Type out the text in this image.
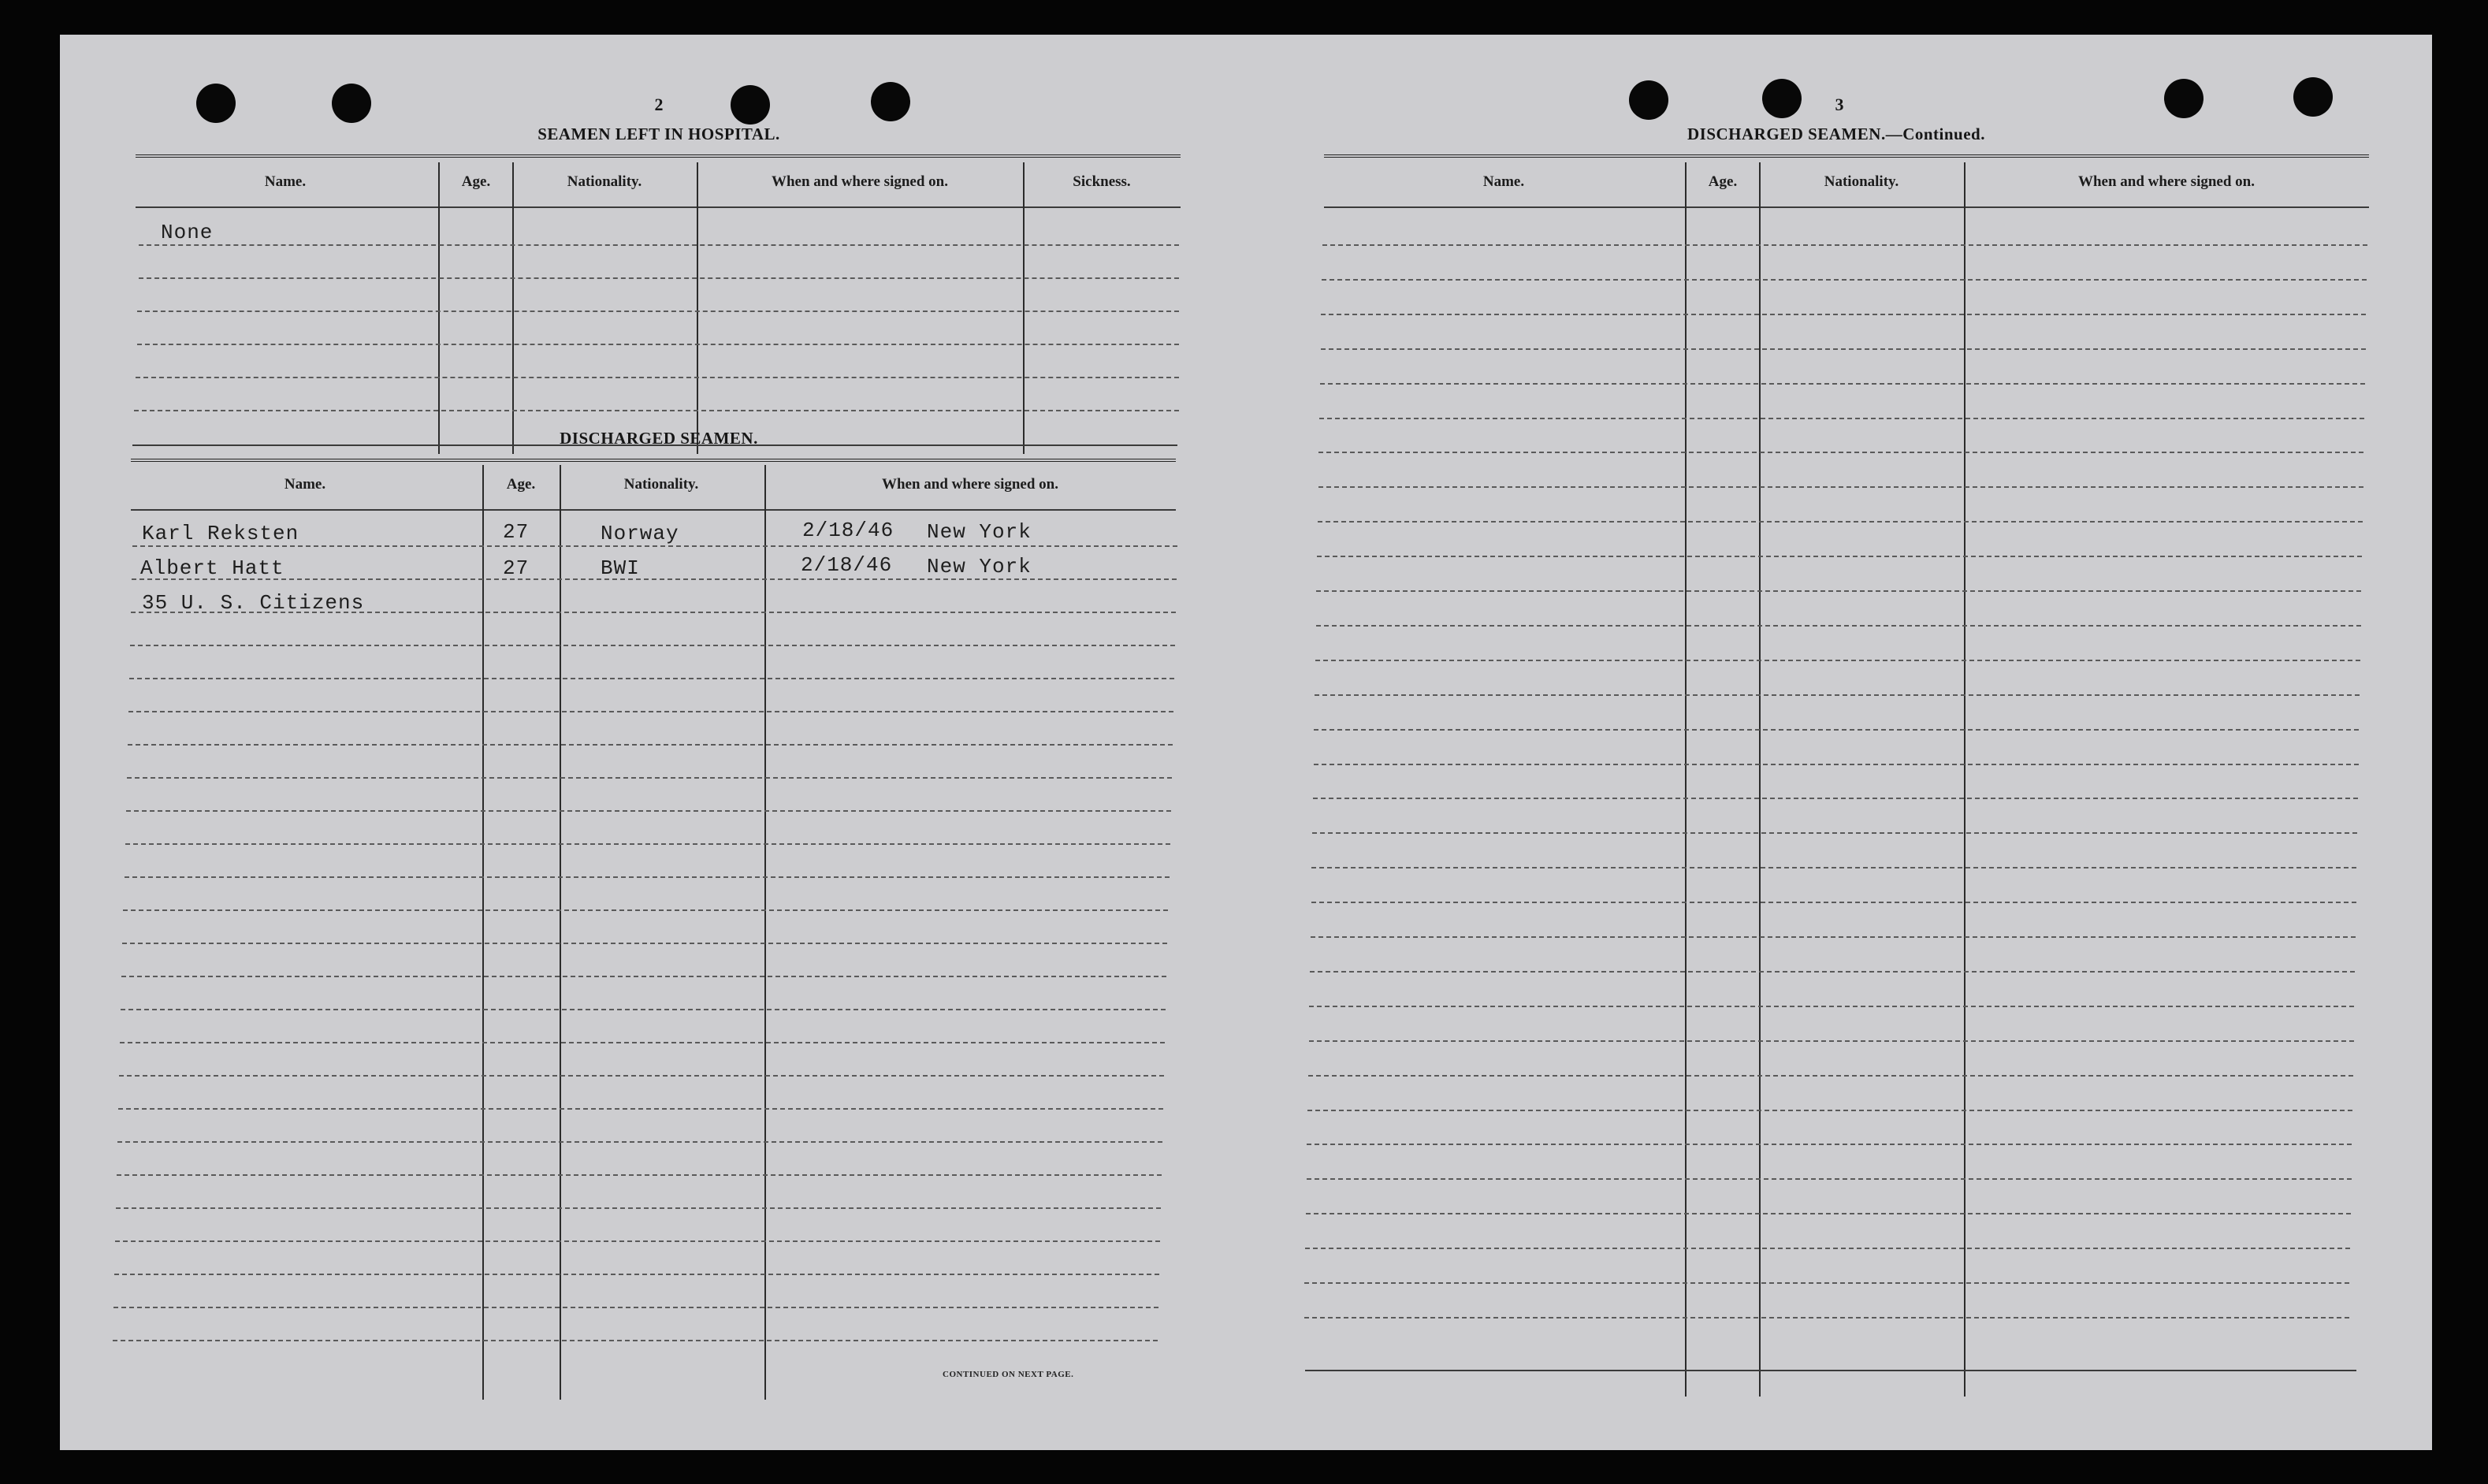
2
SEAMEN LEFT IN HOSPITAL.
Name.	Age.	Nationality.	When and where signed on.	Sickness.
None
DISCHARGED SEAMEN.
Name.	Age.	Nationality.	When and where signed on.
Karl Reksten	27	Norway	2/18/46 New York
Albert Hatt	27	BWI	2/18/46 New York
35 U. S. Citizens
CONTINUED ON NEXT PAGE.
3
DISCHARGED SEAMEN.—Continued.
Name.	Age.	Nationality.	When and where signed on.
